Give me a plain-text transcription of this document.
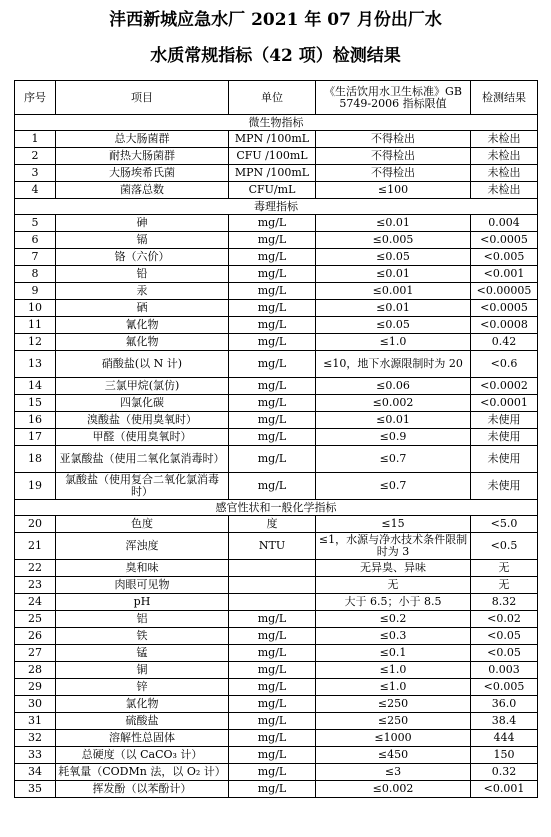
沣西新城应急水厂 2021 年 07 月份出厂水
水质常规指标（42 项）检测结果
序号	项目	单位	《生活饮用水卫生标准》GB 5749-2006 指标限值	检测结果
微生物指标				
1	总大肠菌群	MPN /100mL	不得检出	未检出
2	耐热大肠菌群	CFU /100mL	不得检出	未检出
3	大肠埃希氏菌	MPN /100mL	不得检出	未检出
4	菌落总数	CFU/mL	≤100	未检出
毒理指标				
5	砷	mg/L	≤0.01	0.004
6	镉	mg/L	≤0.005	<0.0005
7	铬（六价）	mg/L	≤0.05	<0.005
8	铅	mg/L	≤0.01	<0.001
9	汞	mg/L	≤0.001	<0.00005
10	硒	mg/L	≤0.01	<0.0005
11	氰化物	mg/L	≤0.05	<0.0008
12	氟化物	mg/L	≤1.0	0.42
13	硝酸盐(以 N 计)	mg/L	≤10，地下水源限制时为 20	<0.6
14	三氯甲烷(氯仿)	mg/L	≤0.06	<0.0002
15	四氯化碳	mg/L	≤0.002	<0.0001
16	溴酸盐（使用臭氧时）	mg/L	≤0.01	未使用
17	甲醛（使用臭氧时）	mg/L	≤0.9	未使用
18	亚氯酸盐（使用二氧化氯消毒时）	mg/L	≤0.7	未使用
19	氯酸盐（使用复合二氧化氯消毒时）	mg/L	≤0.7	未使用
感官性状和一般化学指标				
20	色度	度	≤15	<5.0
21	浑浊度	NTU	≤1，水源与净水技术条件限制时为 3	<0.5
22	臭和味		无异臭、异味	无
23	肉眼可见物		无	无
24	pH		大于 6.5；小于 8.5	8.32
25	铝	mg/L	≤0.2	<0.02
26	铁	mg/L	≤0.3	<0.05
27	锰	mg/L	≤0.1	<0.05
28	铜	mg/L	≤1.0	0.003
29	锌	mg/L	≤1.0	<0.005
30	氯化物	mg/L	≤250	36.0
31	硫酸盐	mg/L	≤250	38.4
32	溶解性总固体	mg/L	≤1000	444
33	总硬度（以 CaCO₃ 计）	mg/L	≤450	150
34	耗氧量（CODMn 法，以 O₂ 计）	mg/L	≤3	0.32
35	挥发酚（以苯酚计）	mg/L	≤0.002	<0.001
